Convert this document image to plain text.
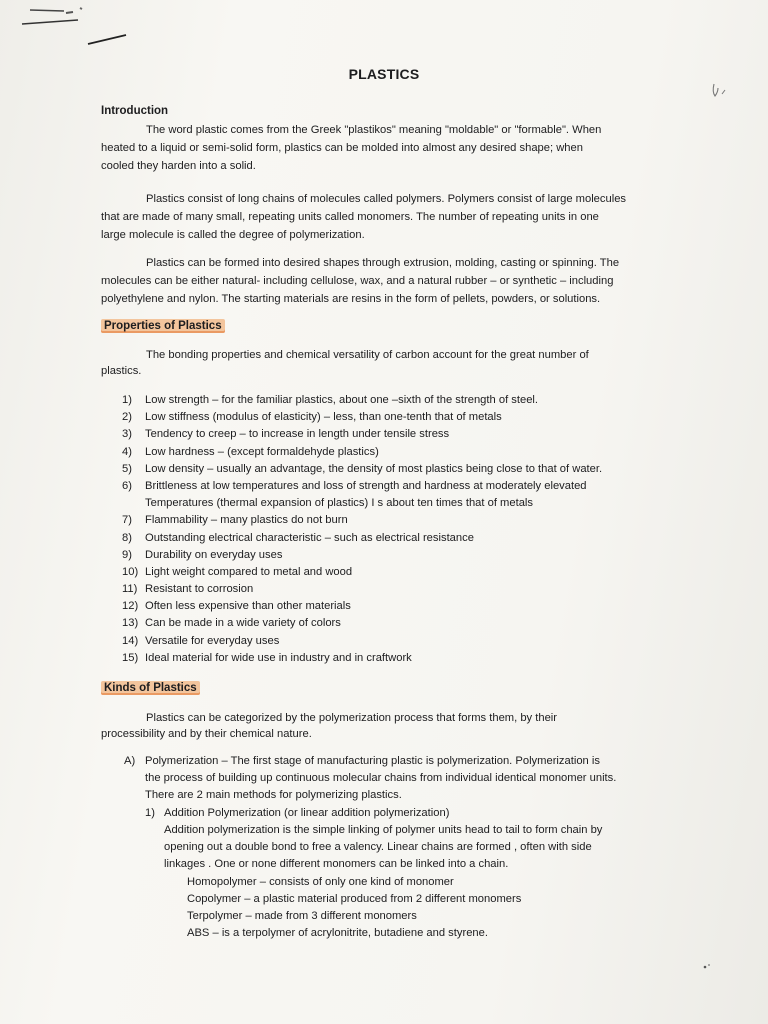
PLASTICS
Introduction
The word plastic comes from the Greek "plastikos" meaning "moldable" or "formable". When
heated to a liquid or semi-solid form, plastics can be molded into almost any desired shape; when
cooled they harden into a solid.
Plastics consist of long chains of molecules called polymers. Polymers consist of large molecules
that are made of many small, repeating units called monomers. The number of repeating units in one
large molecule is called the degree of polymerization.
Plastics can be formed into desired shapes through extrusion, molding, casting or spinning. The
molecules can be either natural- including cellulose, wax, and a natural rubber – or synthetic – including
polyethylene and nylon. The starting materials are resins in the form of pellets, powders, or solutions.
Properties of Plastics
The bonding properties and chemical versatility of carbon account for the great number of
plastics.
1) Low strength – for the familiar plastics, about one –sixth of the strength of steel.
2) Low stiffness (modulus of elasticity) – less, than one-tenth that of metals
3) Tendency to creep – to increase in length under tensile stress
4) Low hardness – (except formaldehyde plastics)
5) Low density – usually an advantage, the density of most plastics being close to that of water.
6) Brittleness at low temperatures and loss of strength and hardness at moderately elevated
Temperatures (thermal expansion of plastics) I s about ten times that of metals
7) Flammability – many plastics do not burn
8) Outstanding electrical characteristic – such as electrical resistance
9) Durability on everyday uses
10) Light weight compared to metal and wood
11) Resistant to corrosion
12) Often less expensive than other materials
13) Can be made in a wide variety of colors
14) Versatile for everyday uses
15) Ideal material for wide use in industry and in craftwork
Kinds of Plastics
Plastics can be categorized by the polymerization process that forms them, by their
processibility and by their chemical nature.
A) Polymerization – The first stage of manufacturing plastic is polymerization. Polymerization is
the process of building up continuous molecular chains from individual identical monomer units.
There are 2 main methods for polymerizing plastics.
1) Addition Polymerization (or linear addition polymerization)
Addition polymerization is the simple linking of polymer units head to tail to form chain by
opening out a double bond to free a valency. Linear chains are formed , often with side
linkages . One or none different monomers can be linked into a chain.
Homopolymer – consists of only one kind of monomer
Copolymer – a plastic material produced from 2 different monomers
Terpolymer – made from 3 different monomers
ABS – is a terpolymer of acrylonitrite, butadiene and styrene.
